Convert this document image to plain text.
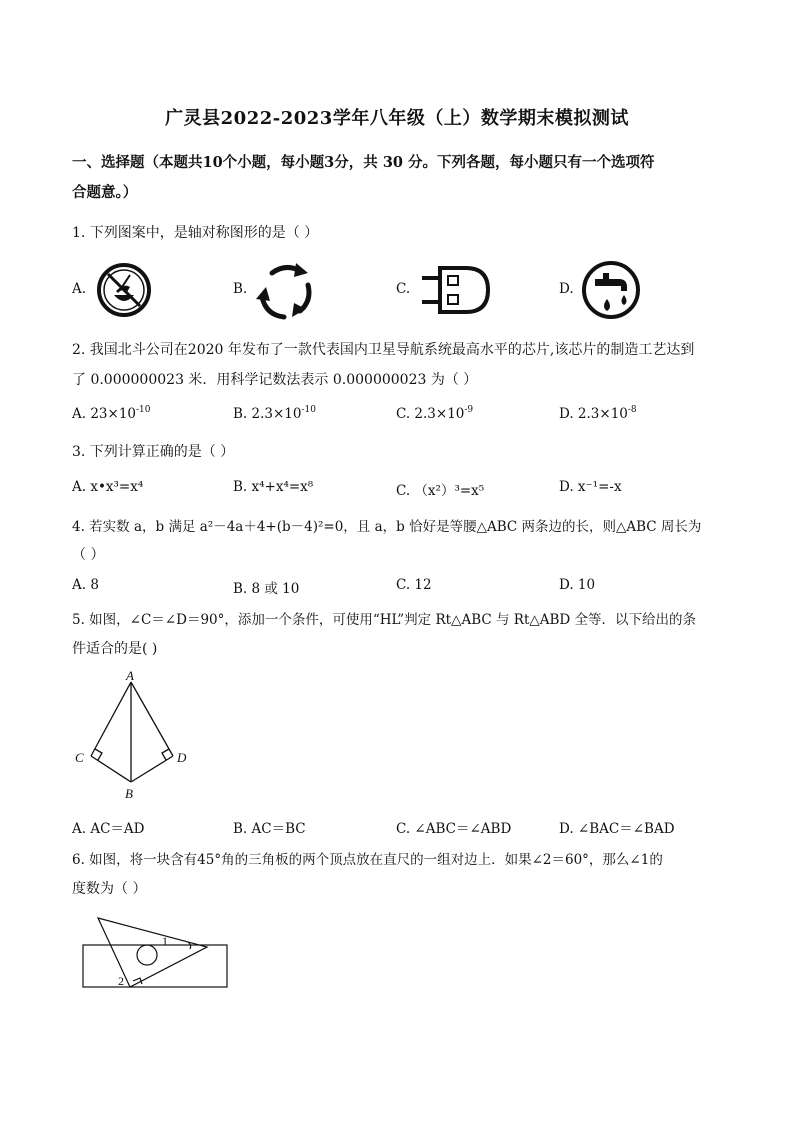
广灵县2022-2023学年八年级（上）数学期末模拟测试
一、选择题（本题共10个小题，每小题3分，共 30 分。下列各题，每小题只有一个选项符
合题意。）
1. 下列图案中，是轴对称图形的是（ ）
A.	B.	C.	D.
2. 我国北斗公司在2020 年发布了一款代表国内卫星导航系统最高水平的芯片,该芯片的制造工艺达到
了 0.000000023 米．用科学记数法表示 0.000000023 为（ ）
A. $23\times 10^{-10}$	B. $2.3\times 10^{-10}$	C. $2.3\times 10^{-9}$	D. $2.3\times 10^{-8}$
3. 下列计算正确的是（ ）
A. x•x³=x⁴	B. x⁴+x⁴=x⁸	C. （x²）³=x⁵	D. x⁻¹=-x
4. 若实数 a，b 满足 a²－4a＋4+(b－4)²=0，且 a，b 恰好是等腰△ABC 两条边的长，则△ABC 周长为
（ ）
A. 8	B. 8 或 10	C. 12	D. 10
5. 如图，∠C＝∠D＝90°，添加一个条件，可使用“HL”判定 Rt△ABC 与 Rt△ABD 全等．以下给出的条
件适合的是( )
A
C	D
B
A. AC＝AD	B. AC＝BC	C. ∠ABC＝∠ABD	D. ∠BAC＝∠BAD
6. 如图，将一块含有45°角的三角板的两个顶点放在直尺的一组对边上．如果∠2＝60°，那么∠1的
度数为（ ）
1
2
